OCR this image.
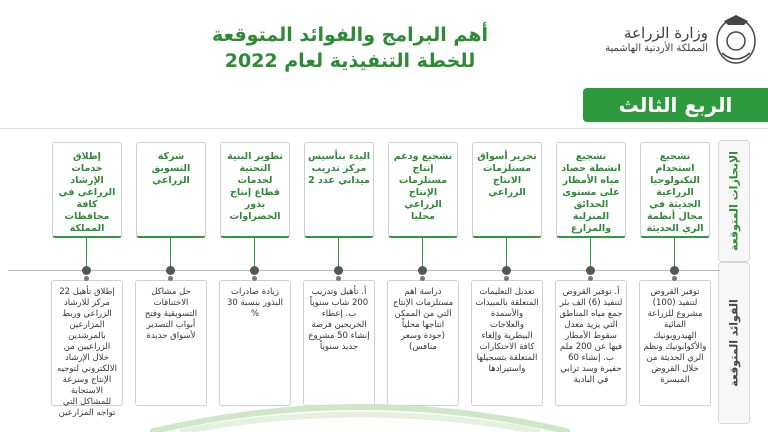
وزارة الزراعة
المملكة الأردنية الهاشمية
أهم البرامج والفوائد المتوقعة
للخطة التنفيذية لعام 2022
الربع الثالث
الإنجازات المتوقعة
الفوائد المتوقعة
تشجيع استخدام التكنولوجيا الزراعية الحديثة في مجال أنظمة الري الحديثة
توفير القروض لتنفيذ (100) مشروع للزراعة المائية الهيدروبونيك والأكوابونيك ونظم الري الحديثة من خلال القروض الميسرة
تشجيع انشطة حصاد مياه الأمطار على مستوى الحدائق المنزلية والمزارع
أ. توفير القروض لتنفيذ (6) الف بئر جمع مياه المناطق التي يزيد معدل سقوط الأمطار فيها عن 200 ملم ب. إنشاء 60 حفيرة وسد ترابي في البادية
تحرير أسواق مستلزمات الانتاج الزراعي
تعديل التعليمات المتعلقة بالمبيدات والأسمدة والعلاجات البيطرية وإلغاء كافة الاحتكارات المتعلقة بتسجيلها واستيرادها
تشجيع ودعم إنتاج مستلزمات الإنتاج الزراعي محليا
دراسة اهم مستلزمات الإنتاج التي من الممكن انتاجها محلياً (جودة وسعر منافس)
البدء بتأسيس مركز تدريب ميداني عدد 2
أ. تأهيل وتدريب 200 شاب سنوياً ب. إعطاء الخريجين فرصة إنشاء 50 مشروع جديد سنوياً
تطوير البنية التحتية لخدمات قطاع إنتاج بذور الخضراوات
زيادة صادرات البذور بنسبة 30 %
شركة التسويق الزراعي
حل مشاكل الاختناقات التسويقية وفتح أبواب التصدير لأسواق جديدة
إطلاق خدمات الإرشاد الزراعي في كافة محافظات المملكة
إطلاق تأهيل 22 مركز للارشاد الزراعي وربط المزارعين بالمرشدين الزراعيين من خلال الإرشاد الالكتروني لتوجيه الإنتاج وسرعة الاستجابة للمشاكل التي تواجه المزارعين
